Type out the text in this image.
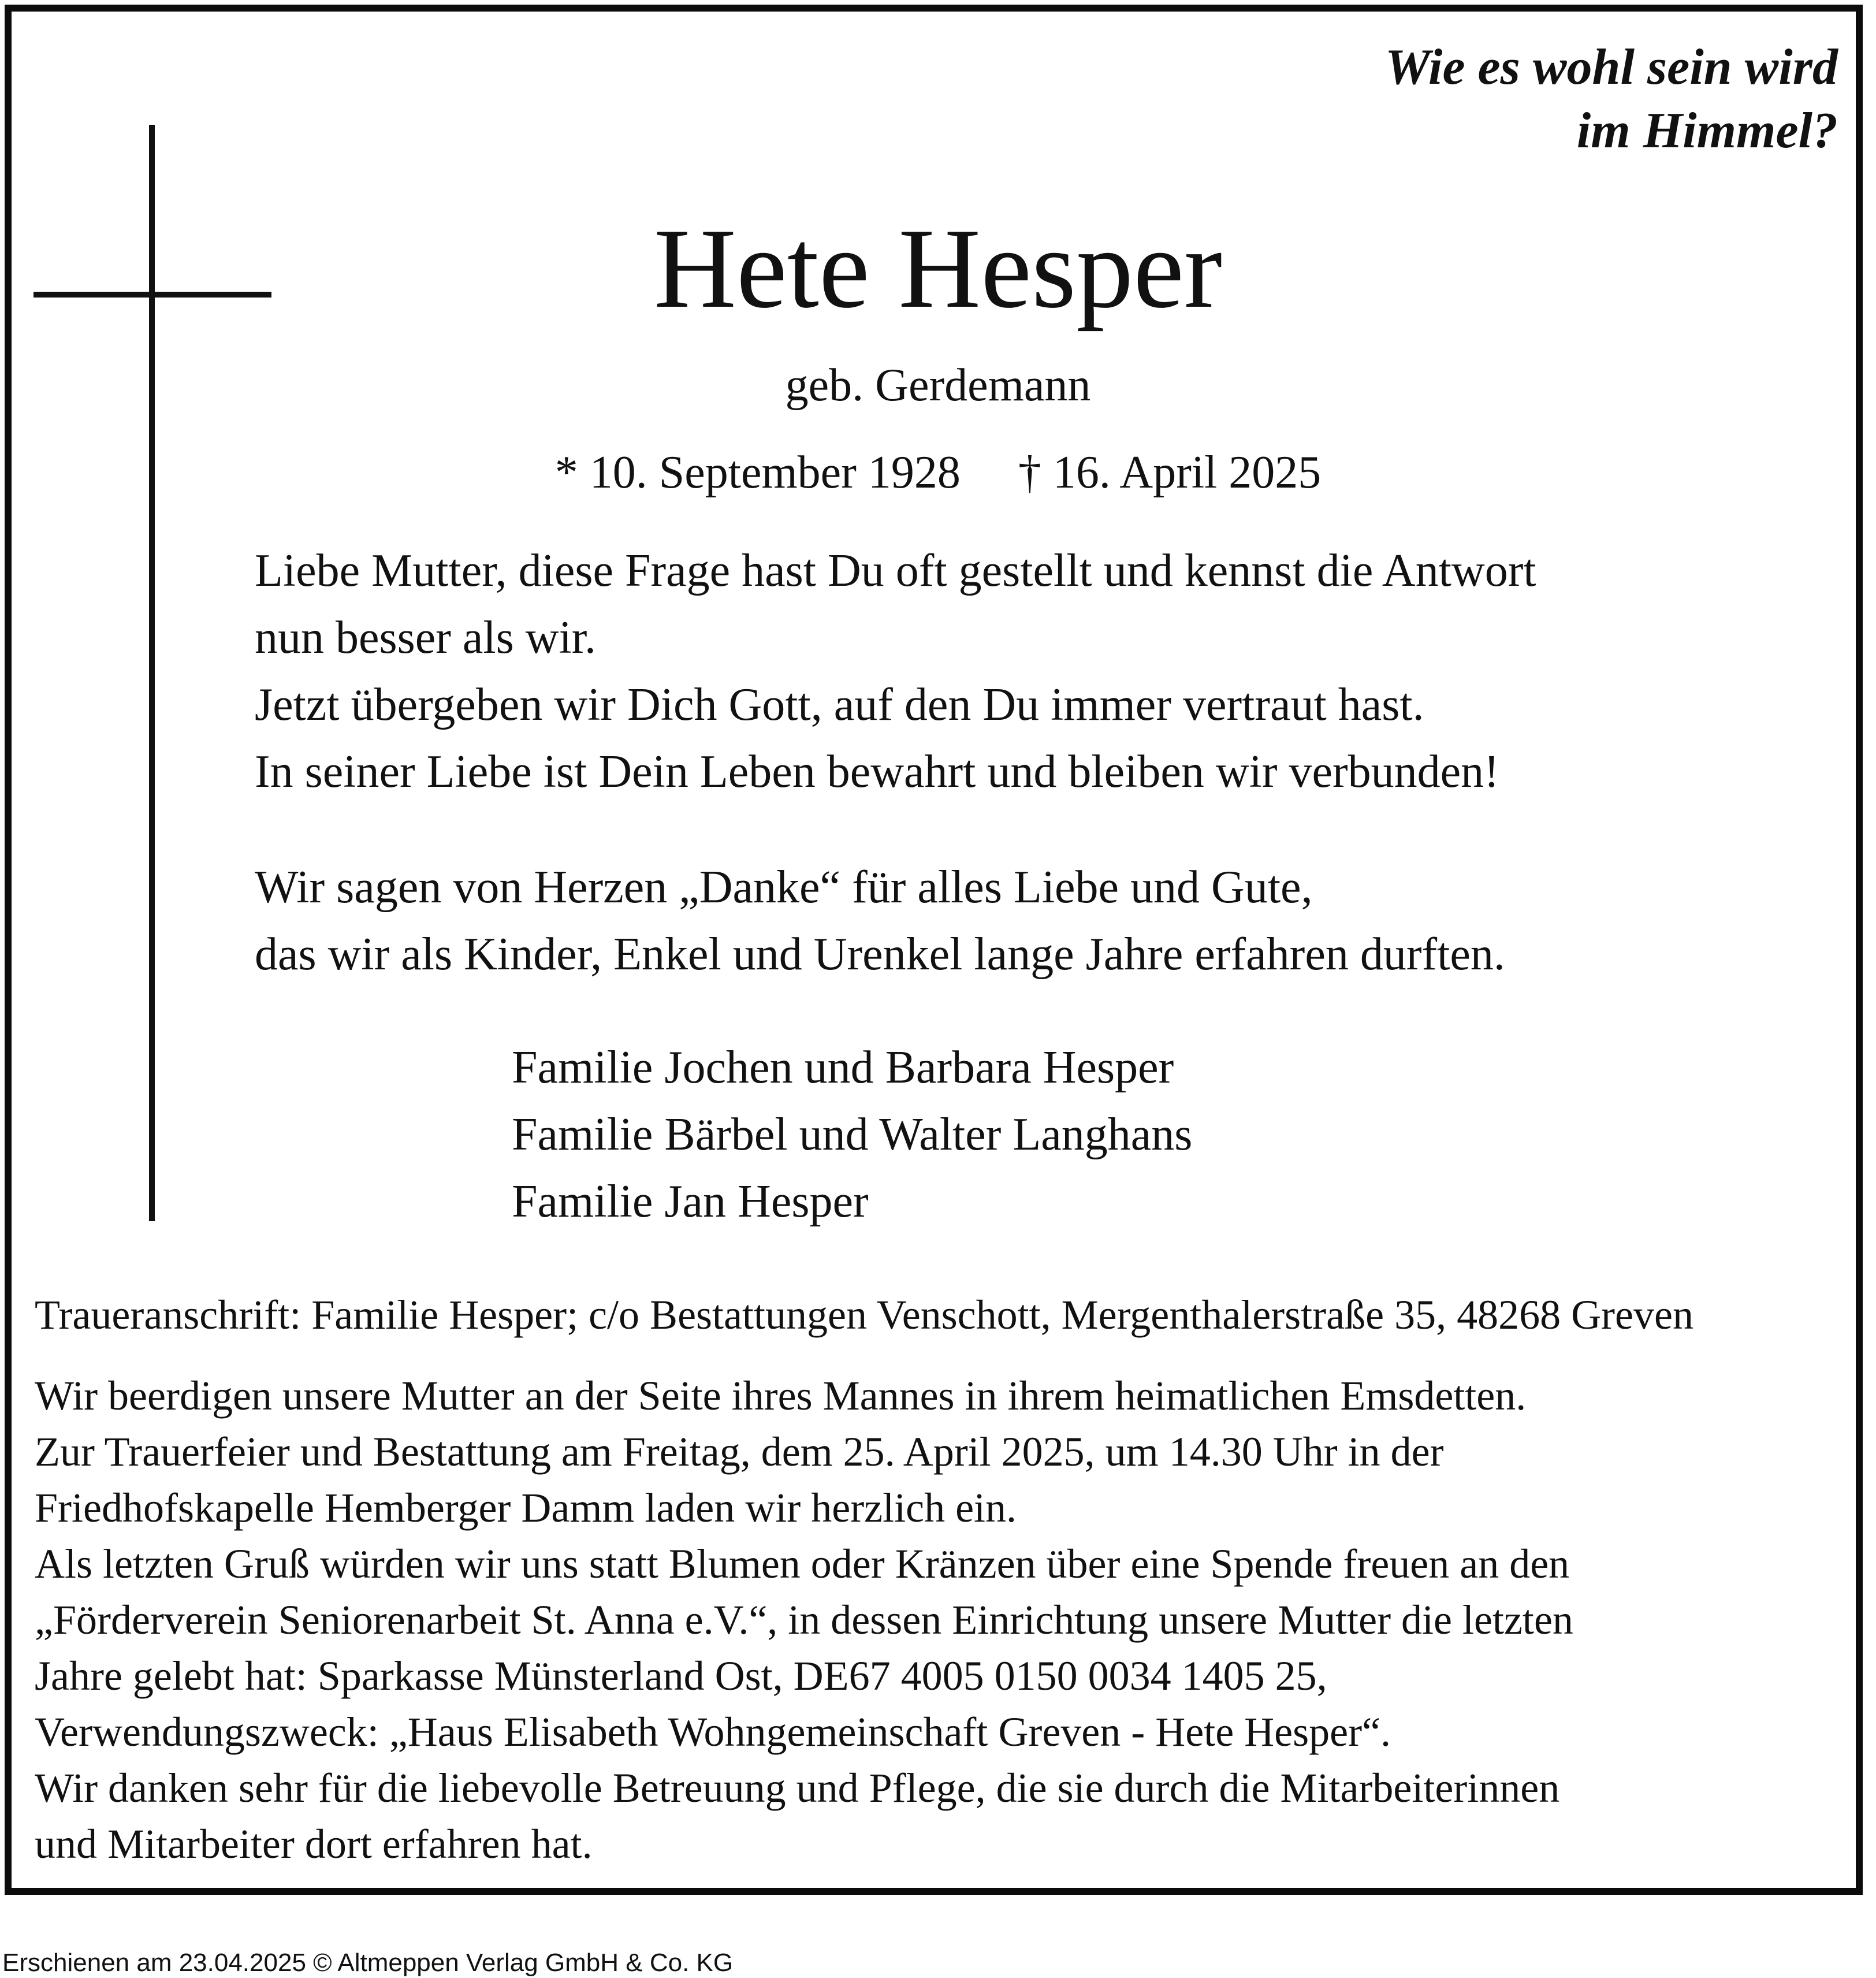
Wie es wohl sein wird
im Himmel?
Hete Hesper
geb. Gerdemann
* 10. September 1928 † 16. April 2025
Liebe Mutter, diese Frage hast Du oft gestellt und kennst die Antwort
nun besser als wir.
Jetzt übergeben wir Dich Gott, auf den Du immer vertraut hast.
In seiner Liebe ist Dein Leben bewahrt und bleiben wir verbunden!
Wir sagen von Herzen „Danke“ für alles Liebe und Gute,
das wir als Kinder, Enkel und Urenkel lange Jahre erfahren durften.
Familie Jochen und Barbara Hesper
Familie Bärbel und Walter Langhans
Familie Jan Hesper
Traueranschrift: Familie Hesper; c/o Bestattungen Venschott, Mergenthalerstraße 35, 48268 Greven
Wir beerdigen unsere Mutter an der Seite ihres Mannes in ihrem heimatlichen Emsdetten.
Zur Trauerfeier und Bestattung am Freitag, dem 25. April 2025, um 14.30 Uhr in der
Friedhofskapelle Hemberger Damm laden wir herzlich ein.
Als letzten Gruß würden wir uns statt Blumen oder Kränzen über eine Spende freuen an den
„Förderverein Seniorenarbeit St. Anna e.V.“, in dessen Einrichtung unsere Mutter die letzten
Jahre gelebt hat: Sparkasse Münsterland Ost, DE67 4005 0150 0034 1405 25,
Verwendungszweck: „Haus Elisabeth Wohngemeinschaft Greven - Hete Hesper“.
Wir danken sehr für die liebevolle Betreuung und Pflege, die sie durch die Mitarbeiterinnen
und Mitarbeiter dort erfahren hat.
Erschienen am 23.04.2025 © Altmeppen Verlag GmbH & Co. KG
